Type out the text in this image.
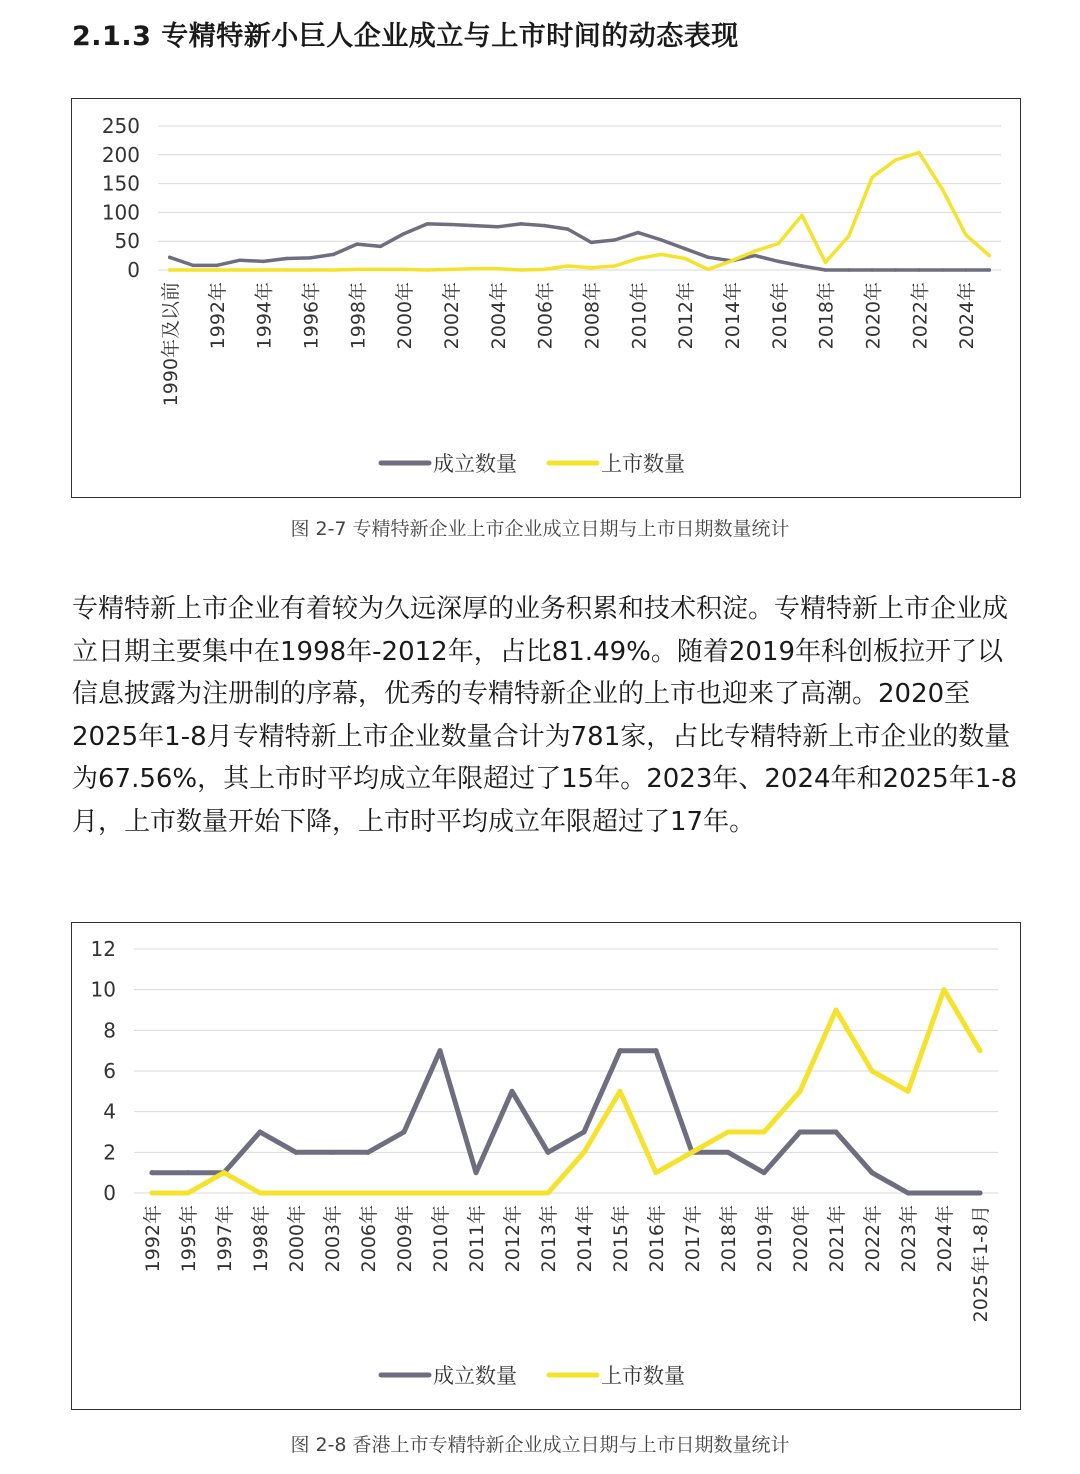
2.1.3 专精特新小巨人企业成立与上市时间的动态表现
0
50
100
150
200
250
1990年及以前 1992年 1994年 1996年 1998年 2000年 2002年 2004年 2006年 2008年 2010年 2012年 2014年 2016年 2018年 2020年 2022年 2024年
成立数量	上市数量
图 2-7 专精特新企业上市企业成立日期与上市日期数量统计

专精特新上市企业有着较为久远深厚的业务积累和技术积淀。专精特新上市企业成立日期主要集中在1998年-2012年，占比81.49%。随着2019年科创板拉开了以信息披露为注册制的序幕，优秀的专精特新企业的上市也迎来了高潮。2020至2025年1-8月专精特新上市企业数量合计为781家，占比专精特新上市企业的数量为67.56%，其上市时平均成立年限超过了15年。2023年、2024年和2025年1-8月，上市数量开始下降，上市时平均成立年限超过了17年。

0
2
4
6
8
10
12
1992年 1995年 1997年 1998年 2000年 2003年 2006年 2009年 2010年 2011年 2012年 2013年 2014年 2015年 2016年 2017年 2018年 2019年 2020年 2021年 2022年 2023年 2024年 2025年1-8月
成立数量	上市数量
图 2-8 香港上市专精特新企业成立日期与上市日期数量统计
